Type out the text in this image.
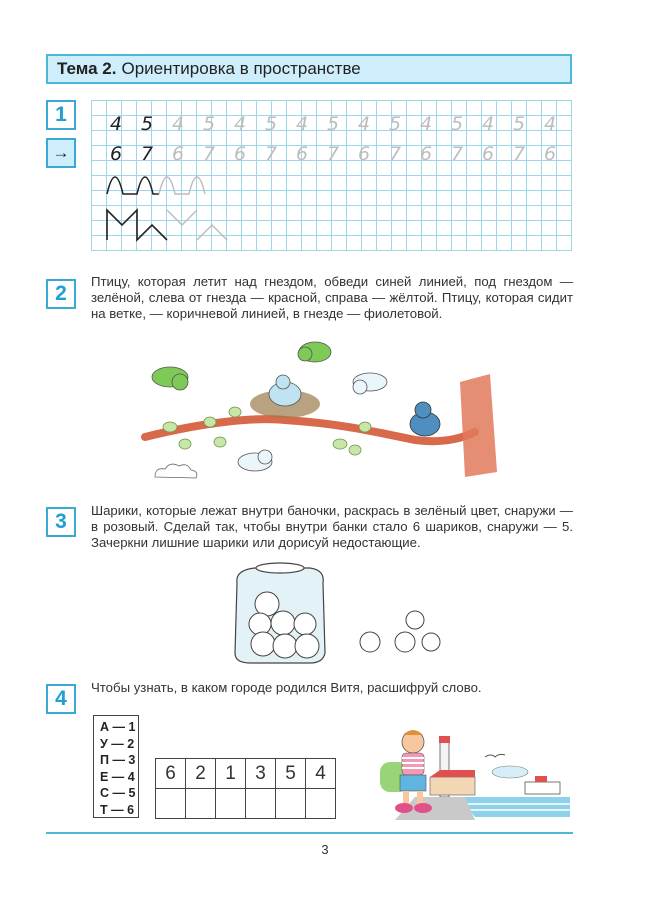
Тема 2. Ориентировка в пространстве
1
→
4 5 4 5 4 5 4 5 4 5 4 5 4 5 4
6 7 6 7 6 7 6 7 6 7 6 7 6 7 6
2
Птицу, которая летит над гнездом, обведи синей линией, под гнездом — зелёной, слева от гнезда — красной, справа — жёлтой. Птицу, которая сидит на ветке, — коричневой линией, в гнезде — фиолетовой.
3	Шарики, которые лежат внутри баночки, раскрась в зелёный цвет, снаружи — в розовый. Сделай так, чтобы внутри банки стало 6 шариков, снаружи — 5. Зачеркни лишние шарики или дорисуй недостающие.
4	Чтобы узнать, в каком городе родился Витя, расшифруй слово.
А — 1
У — 2
П — 3
Е — 4
С — 5
Т — 6
6	2	1	3	5	4

3
